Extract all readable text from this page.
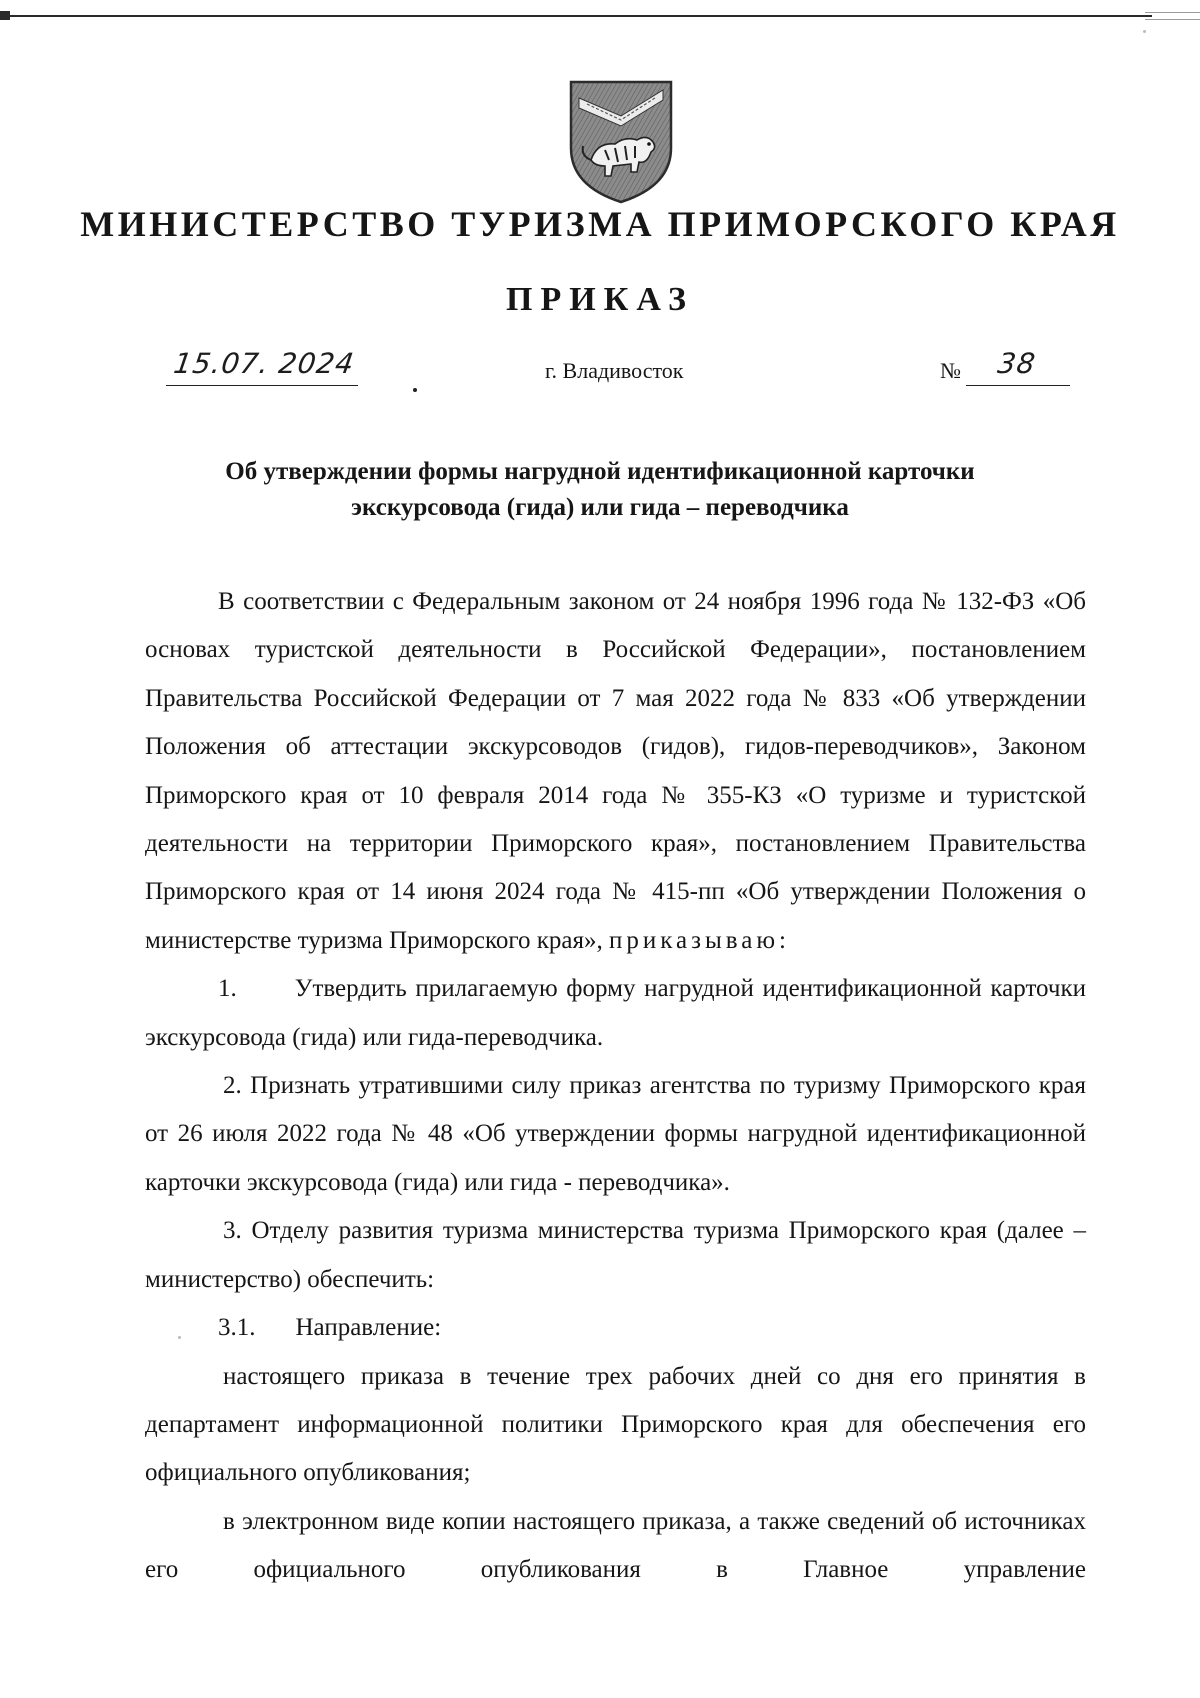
МИНИСТЕРСТВО ТУРИЗМА ПРИМОРСКОГО КРАЯ
ПРИКАЗ
15.07. 2024	г. Владивосток	№ 38
Об утверждении формы нагрудной идентификационной карточки
экскурсовода (гида) или гида – переводчика

В соответствии с Федеральным законом от 24 ноября 1996 года № 132-ФЗ «Об основах туристской деятельности в Российской Федерации», постановлением Правительства Российской Федерации от 7 мая 2022 года № 833 «Об утверждении Положения об аттестации экскурсоводов (гидов), гидов-переводчиков», Законом Приморского края от 10 февраля 2014 года № 355-КЗ «О туризме и туристской деятельности на территории Приморского края», постановлением Правительства Приморского края от 14 июня 2024 года № 415-пп «Об утверждении Положения о министерстве туризма Приморского края», приказываю:

1. Утвердить прилагаемую форму нагрудной идентификационной карточки экскурсовода (гида) или гида-переводчика.

2. Признать утратившими силу приказ агентства по туризму Приморского края от 26 июля 2022 года № 48 «Об утверждении формы нагрудной идентификационной карточки экскурсовода (гида) или гида - переводчика».

3. Отделу развития туризма министерства туризма Приморского края (далее – министерство) обеспечить:

3.1. Направление:

настоящего приказа в течение трех рабочих дней со дня его принятия в департамент информационной политики Приморского края для обеспечения его официального опубликования;

в электронном виде копии настоящего приказа, а также сведений об источниках его официального опубликования в Главное управление
